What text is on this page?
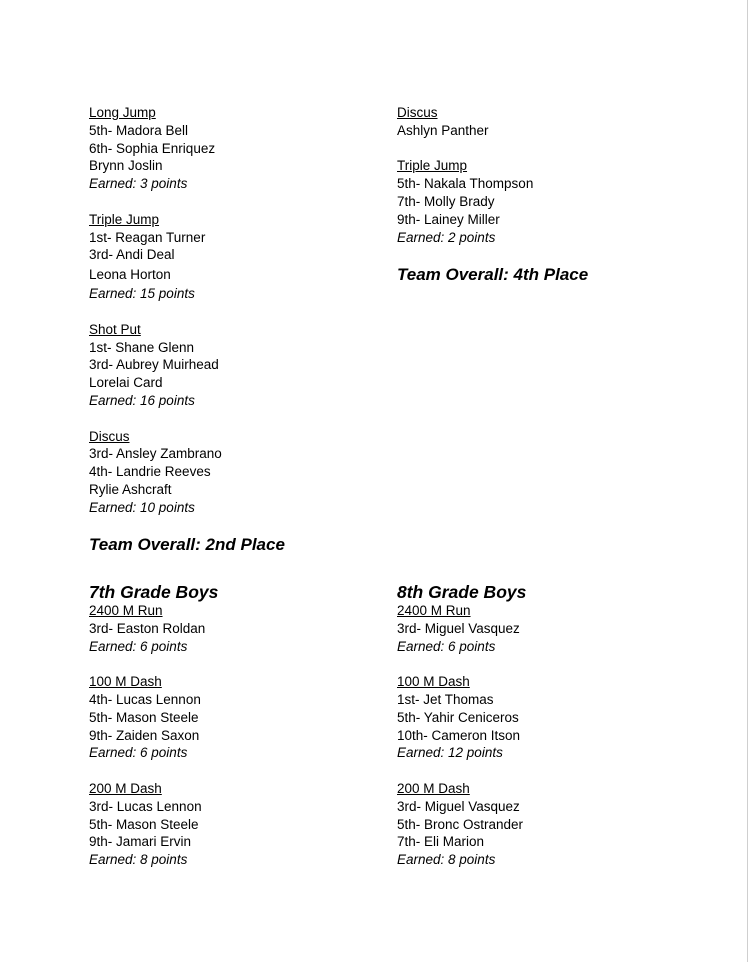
Long Jump
5th- Madora Bell
6th- Sophia Enriquez
Brynn Joslin
Earned: 3 points
Triple Jump
1st- Reagan Turner
3rd- Andi Deal
Leona Horton
Earned: 15 points
Shot Put
1st- Shane Glenn
3rd- Aubrey Muirhead
Lorelai Card
Earned: 16 points
Discus
3rd- Ansley Zambrano
4th- Landrie Reeves
Rylie Ashcraft
Earned: 10 points
Team Overall: 2nd Place
Discus
Ashlyn Panther
Triple Jump
5th- Nakala Thompson
7th- Molly Brady
9th- Lainey Miller
Earned: 2 points
Team Overall: 4th Place
7th Grade Boys
2400 M Run
3rd- Easton Roldan
Earned: 6 points
100 M Dash
4th- Lucas Lennon
5th- Mason Steele
9th- Zaiden Saxon
Earned: 6 points
200 M Dash
3rd- Lucas Lennon
5th- Mason Steele
9th- Jamari Ervin
Earned: 8 points
8th Grade Boys
2400 M Run
3rd- Miguel Vasquez
Earned: 6 points
100 M Dash
1st- Jet Thomas
5th- Yahir Ceniceros
10th- Cameron Itson
Earned: 12 points
200 M Dash
3rd- Miguel Vasquez
5th- Bronc Ostrander
7th- Eli Marion
Earned: 8 points
